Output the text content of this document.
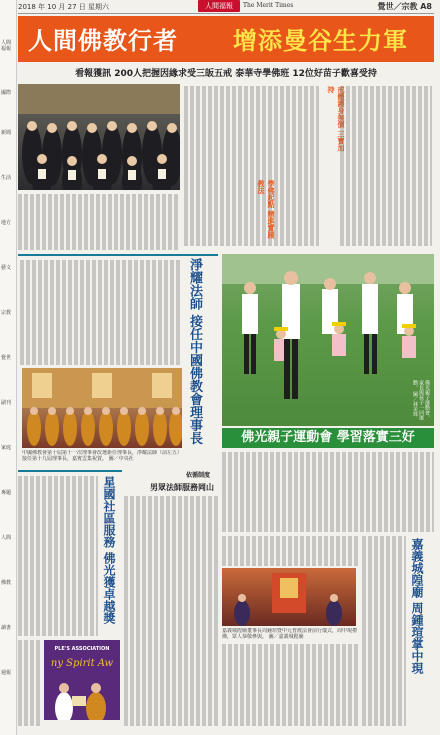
人間福報
國際
新聞
生活
地方
藝文
宗教
覺世
副刊
家庭
專題
人間
佛教
讀書
週報
2018 年 10 月 27 日 星期六	人間福報	The Merit Times	覺世／宗教 A8
人間佛教行者 增添曼谷生力軍
看報獲訊 200人把握因緣求受三皈五戒 泰華寺學佛班 12位好苗子歡喜受持
戒體護身無價 三寶加持
學佛起點 精進實踐教法
淨耀法師 接任中國佛教會理事長
中國佛教會第十屆第十一次理事會改選新任理事長，淨耀法師（前左五）接任第十九屆理事長，嘉賓雲集祝賀。 圖／中央社
佛光親子運動會，家長與孩子一同運動。 圖／林美珠
佛光親子運動會 學習落實三好
依循制度
男眾法師服務岡山
嘉義城隍廟董事長周鍾瑄暨中元普渡法會前行儀式，周中現禮佛，眾人恭敬參與。 圖／嘉義城隍廟
星國社區服務 佛光獲卓越獎
PLE'S ASSOCIATION
ny Spirit Aw	嘉義城隍廟 周鍾瑄掌中現
